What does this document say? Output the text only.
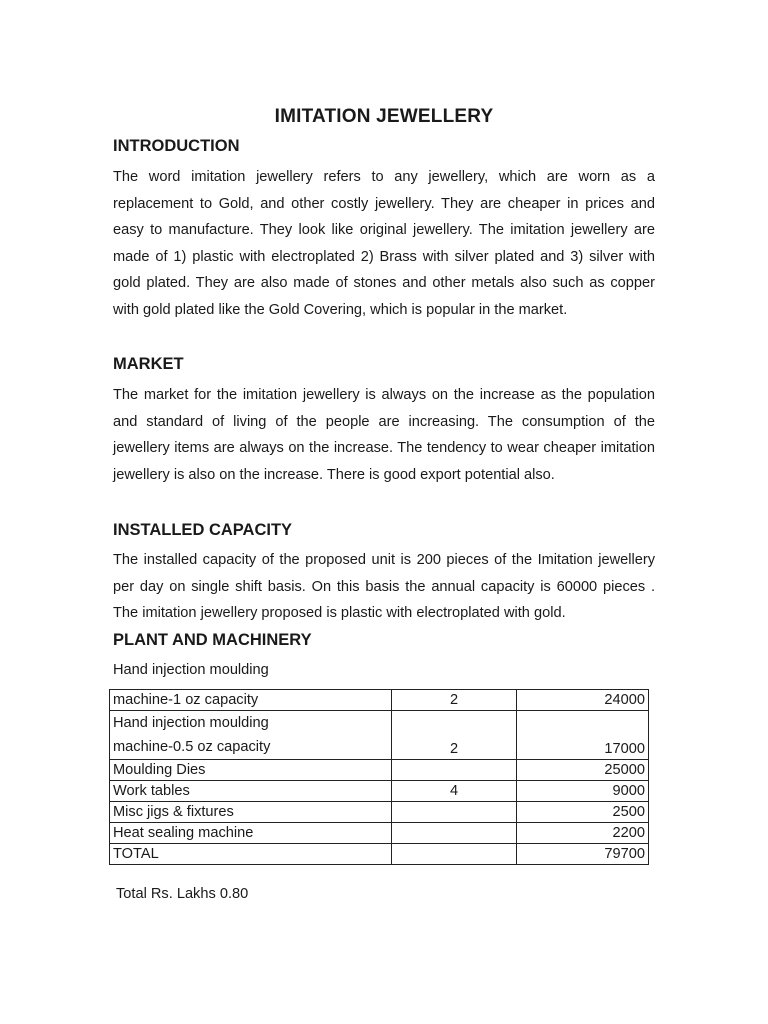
IMITATION JEWELLERY
INTRODUCTION
The word imitation jewellery refers to any jewellery, which are worn as a replacement to Gold, and other costly jewellery. They are cheaper in prices and easy to manufacture. They look like original jewellery. The imitation jewellery are made of 1) plastic with electroplated 2) Brass with silver plated and 3) silver with gold plated. They are also made of stones and other metals also such as copper with gold plated like the Gold Covering, which is popular in the market.
MARKET
The market for the imitation jewellery is always on the increase as the population and standard of living of the people are increasing. The consumption of the jewellery items are always on the increase. The tendency to wear cheaper imitation jewellery is also on the increase. There is good export potential also.
INSTALLED CAPACITY
The installed capacity of the proposed unit is 200 pieces of the Imitation jewellery per day on single shift basis. On this basis the annual capacity is 60000 pieces . The imitation jewellery proposed is plastic with electroplated with gold.
PLANT AND MACHINERY
Hand injection moulding
machine-1 oz capacity	2	24000

Hand injection moulding
machine-0.5 oz capacity	2	17000
Moulding Dies		25000
Work tables	4	9000
Misc jigs & fixtures		2500
Heat sealing machine		2200
TOTAL		79700
Total Rs. Lakhs 0.80
